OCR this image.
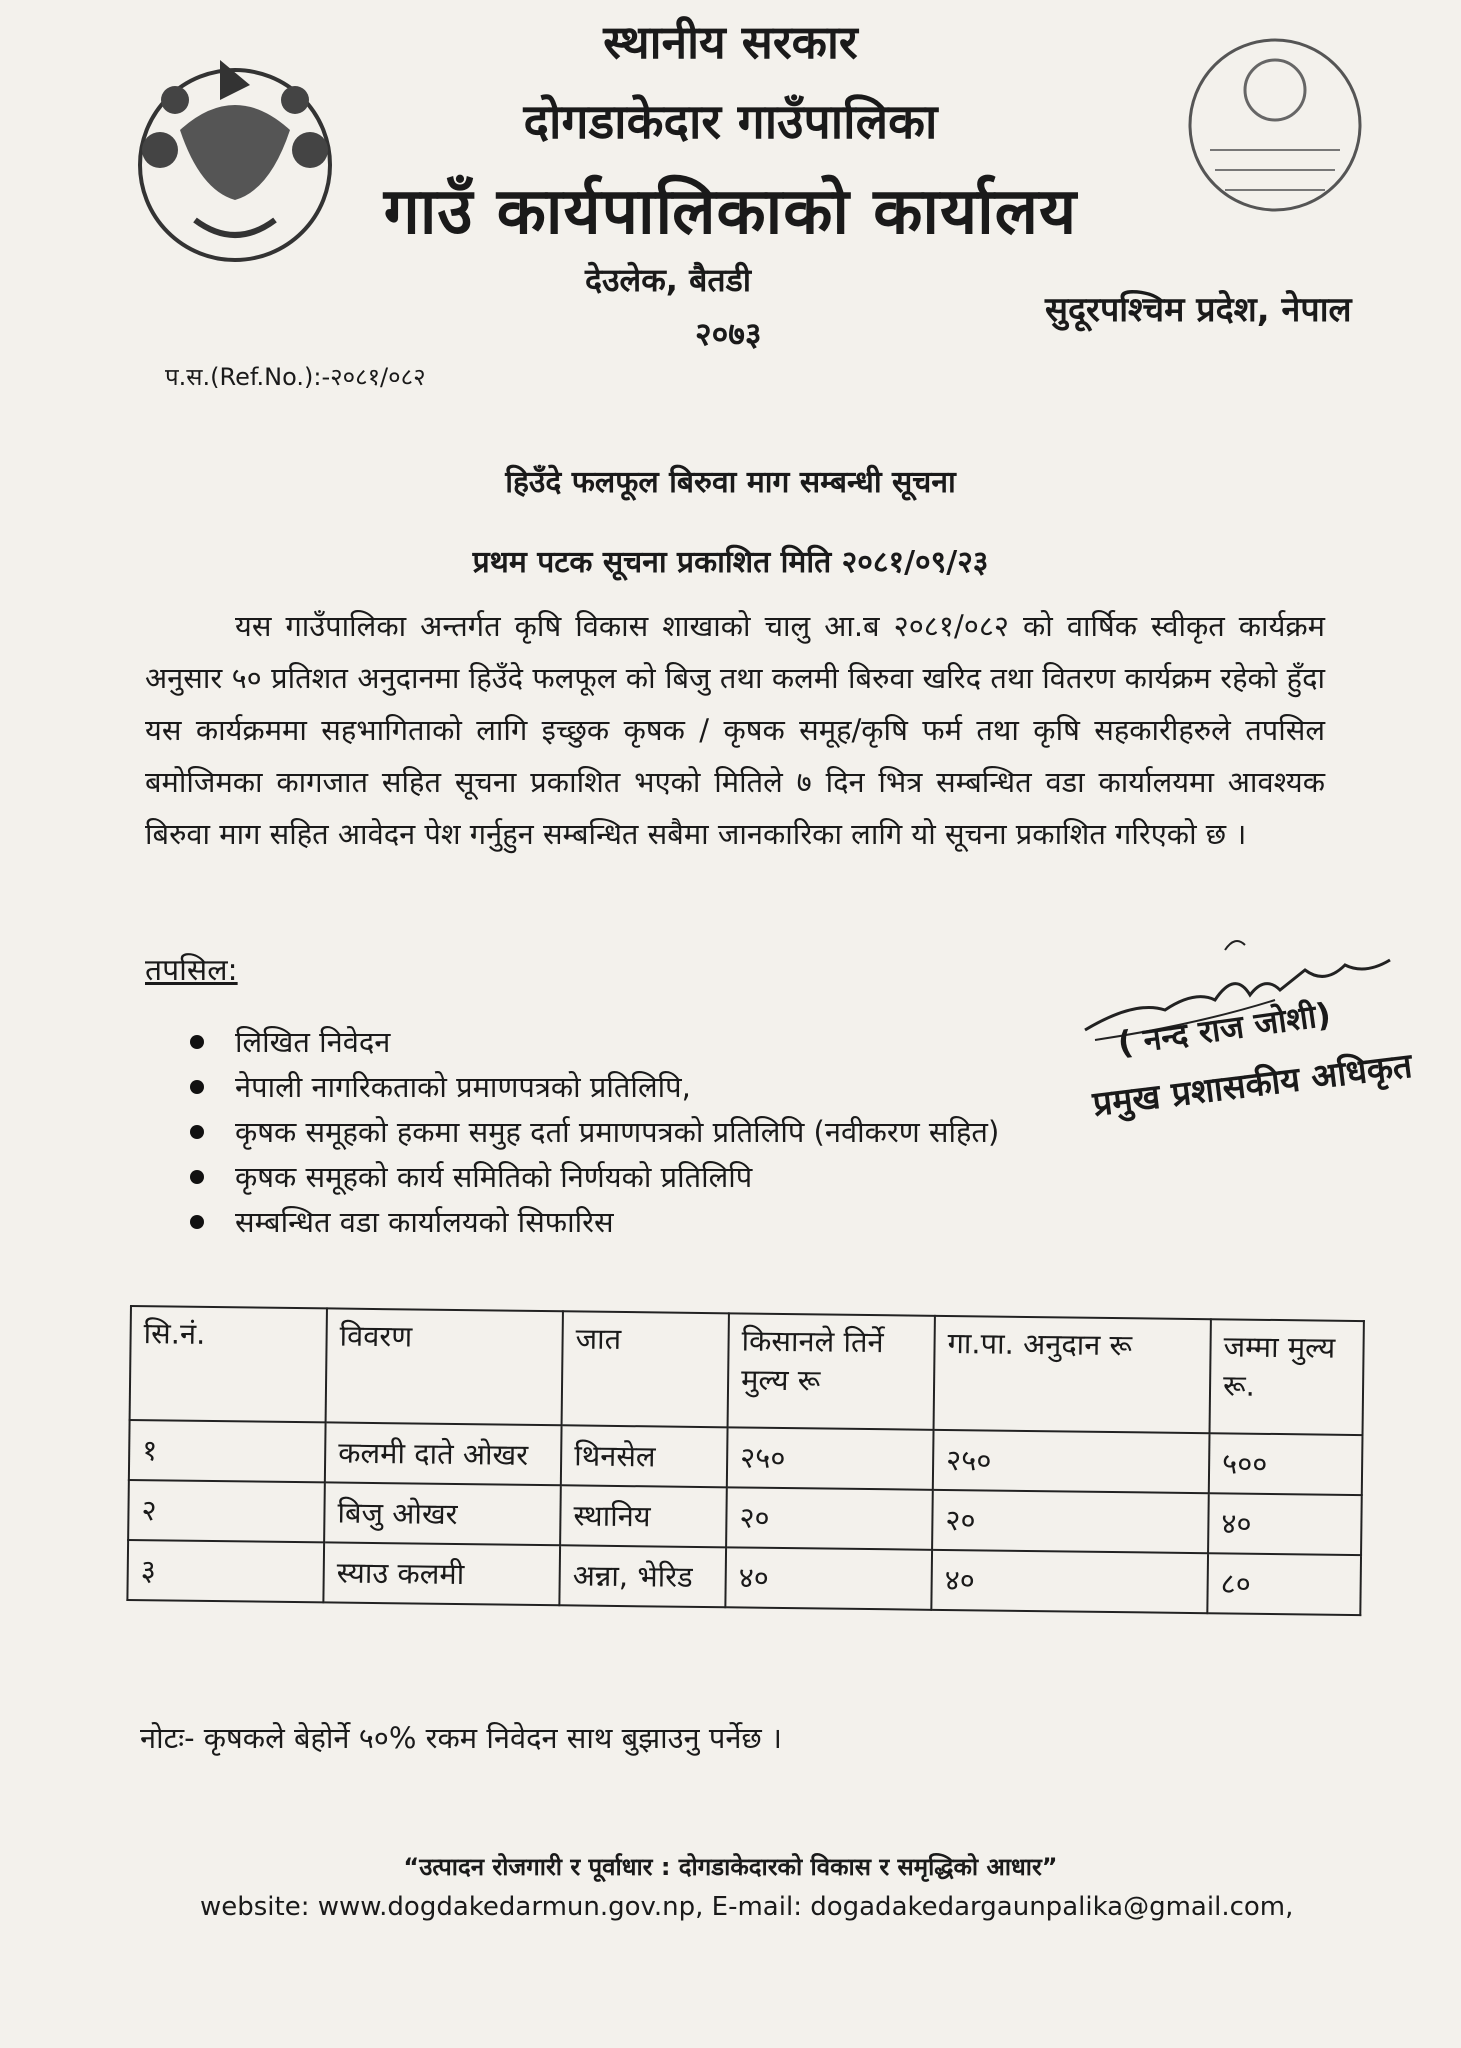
स्थानीय सरकार
दोगडाकेदार गाउँपालिका
गाउँ कार्यपालिकाको कार्यालय
देउलेक, बैतडी
२०७३
सुदूरपश्चिम प्रदेश, नेपाल
प.स.(Ref.No.):-२०८१/०८२
हिउँदे फलफूल बिरुवा माग सम्बन्धी सूचना
प्रथम पटक सूचना प्रकाशित मिति २०८१/०९/२३
यस गाउँपालिका अन्तर्गत कृषि विकास शाखाको चालु आ.ब २०८१/०८२ को वार्षिक स्वीकृत कार्यक्रम अनुसार ५० प्रतिशत अनुदानमा हिउँदे फलफूल को बिजु तथा कलमी बिरुवा खरिद तथा वितरण कार्यक्रम रहेको हुँदा यस कार्यक्रममा सहभागिताको लागि इच्छुक कृषक / कृषक समूह/कृषि फर्म तथा कृषि सहकारीहरुले तपसिल बमोजिमका कागजात सहित सूचना प्रकाशित भएको मितिले ७ दिन भित्र सम्बन्धित वडा कार्यालयमा आवश्यक बिरुवा माग सहित आवेदन पेश गर्नुहुन सम्बन्धित सबैमा जानकारिका लागि यो सूचना प्रकाशित गरिएको छ ।
तपसिल:
लिखित निवेदन
नेपाली नागरिकताको प्रमाणपत्रको प्रतिलिपि,
कृषक समूहको हकमा समुह दर्ता प्रमाणपत्रको प्रतिलिपि (नवीकरण सहित)
कृषक समूहको कार्य समितिको निर्णयको प्रतिलिपि
सम्बन्धित वडा कार्यालयको सिफारिस
( नन्द राज जोशी)
प्रमुख प्रशासकीय अधिकृत
सि.नं.	विवरण	जात	किसानले तिर्ने मुल्य रू	गा.पा. अनुदान रू	जम्मा मुल्य रू.
१	कलमी दाते ओखर	थिनसेल	२५०	२५०	५००
२	बिजु ओखर	स्थानिय	२०	२०	४०
३	स्याउ कलमी	अन्ना, भेरिड	४०	४०	८०
नोटः- कृषकले बेहोर्ने ५०% रकम निवेदन साथ बुझाउनु पर्नेछ ।
“उत्पादन रोजगारी र पूर्वाधार : दोगडाकेदारको विकास र समृद्धिको आधार”
website: www.dogdakedarmun.gov.np, E-mail: dogadakedargaunpalika@gmail.com,
